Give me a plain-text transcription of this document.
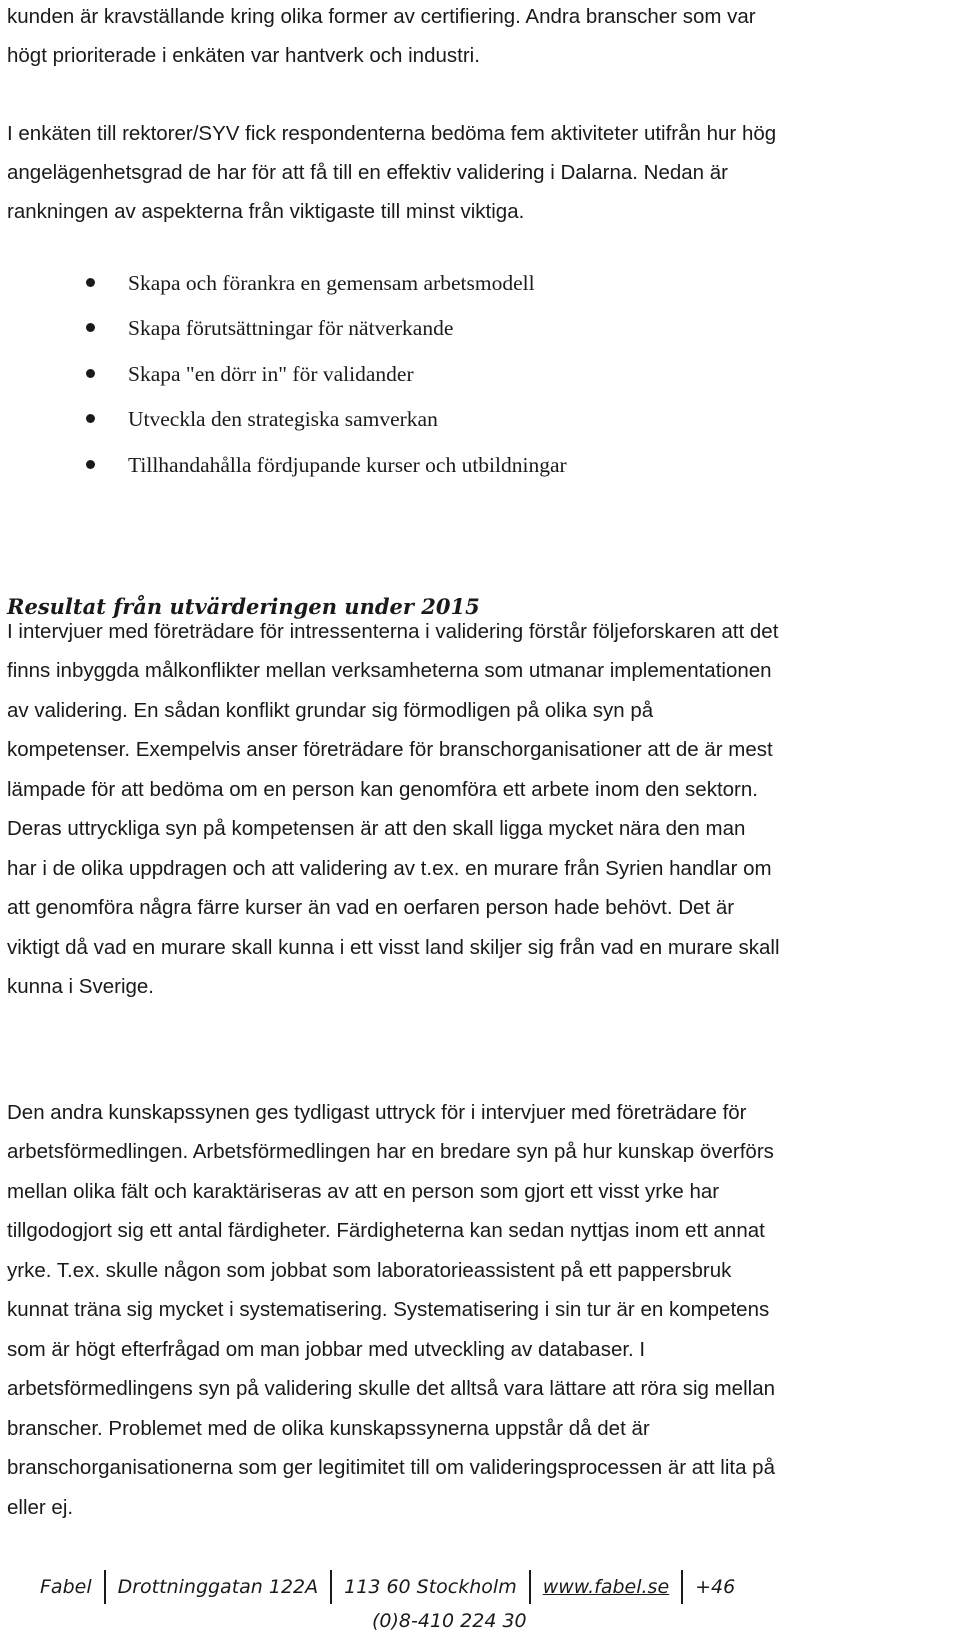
kunden är kravställande kring olika former av certifiering. Andra branscher som var
högt prioriterade i enkäten var hantverk och industri.
I enkäten till rektorer/SYV fick respondenterna bedöma fem aktiviteter utifrån hur hög
angelägenhetsgrad de har för att få till en effektiv validering i Dalarna. Nedan är
rankningen av aspekterna från viktigaste till minst viktiga.
Skapa och förankra en gemensam arbetsmodell
Skapa förutsättningar för nätverkande
Skapa "en dörr in" för validander
Utveckla den strategiska samverkan
Tillhandahålla fördjupande kurser och utbildningar
Resultat från utvärderingen under 2015
I intervjuer med företrädare för intressenterna i validering förstår följeforskaren att det
finns inbyggda målkonflikter mellan verksamheterna som utmanar implementationen
av validering. En sådan konflikt grundar sig förmodligen på olika syn på
kompetenser. Exempelvis anser företrädare för branschorganisationer att de är mest
lämpade för att bedöma om en person kan genomföra ett arbete inom den sektorn.
Deras uttryckliga syn på kompetensen är att den skall ligga mycket nära den man
har i de olika uppdragen och att validering av t.ex. en murare från Syrien handlar om
att genomföra några färre kurser än vad en oerfaren person hade behövt. Det är
viktigt då vad en murare skall kunna i ett visst land skiljer sig från vad en murare skall
kunna i Sverige.
Den andra kunskapssynen ges tydligast uttryck för i intervjuer med företrädare för
arbetsförmedlingen. Arbetsförmedlingen har en bredare syn på hur kunskap överförs
mellan olika fält och karaktäriseras av att en person som gjort ett visst yrke har
tillgodogjort sig ett antal färdigheter. Färdigheterna kan sedan nyttjas inom ett annat
yrke. T.ex. skulle någon som jobbat som laboratorieassistent på ett pappersbruk
kunnat träna sig mycket i systematisering. Systematisering i sin tur är en kompetens
som är högt efterfrågad om man jobbar med utveckling av databaser. I
arbetsförmedlingens syn på validering skulle det alltså vara lättare att röra sig mellan
branscher. Problemet med de olika kunskapssynerna uppstår då det är
branschorganisationerna som ger legitimitet till om valideringsprocessen är att lita på
eller ej.
Fabel Drottninggatan 122A 113 60 Stockholm www.fabel.se +46
(0)8-410 224 30
